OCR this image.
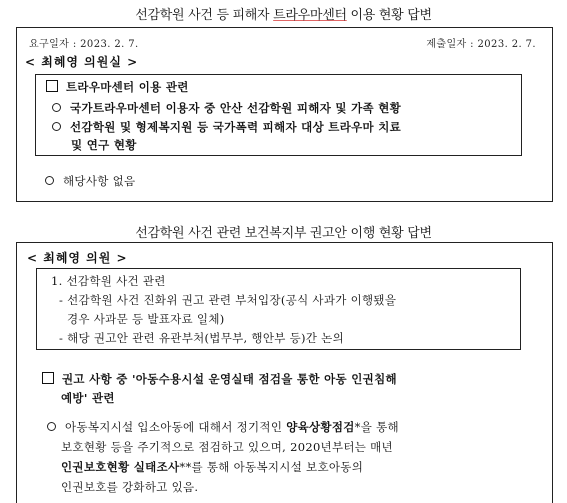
선감학원 사건 등 피해자 트라우마센터 이용 현황 답변
요구일자 : 2023. 2. 7.	제출일자 : 2023. 2. 7.
< 최혜영 의원실 >
트라우마센터 이용 관련
국가트라우마센터 이용자 중 안산 선감학원 피해자 및 가족 현황
선감학원 및 형제복지원 등 국가폭력 피해자 대상 트라우마 치료
및 연구 현황
해당사항 없음
선감학원 사건 관련 보건복지부 권고안 이행 현황 답변
< 최혜영 의원 >
1. 선감학원 사건 관련
- 선감학원 사건 진화위 권고 관련 부처입장(공식 사과가 이행됐을
경우 사과문 등 발표자료 일체)
- 해당 권고안 관련 유관부처(법무부, 행안부 등)간 논의
권고 사항 중 '아동수용시설 운영실태 점검을 통한 아동 인권침해
예방' 관련
아동복지시설 입소아동에 대해서 정기적인 양육상황점검*을 통해
보호현황 등을 주기적으로 점검하고 있으며, 2020년부터는 매년
인권보호현황 실태조사**를 통해 아동복지시설 보호아동의
인권보호를 강화하고 있음.
